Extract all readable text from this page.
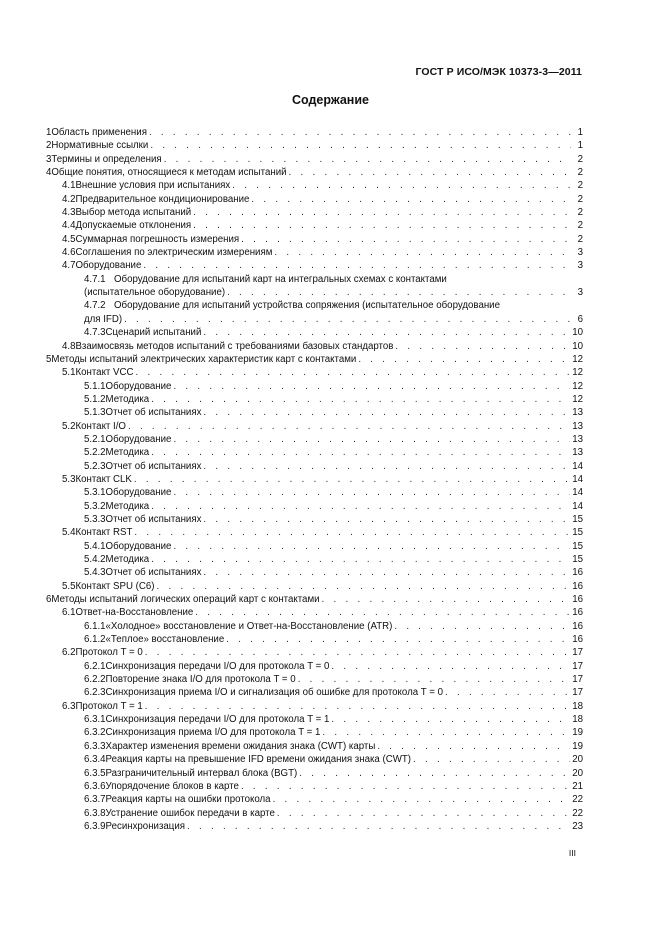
ГОСТ Р ИСО/МЭК 10373-3—2011
Содержание
1 Область применения . . .	1
2 Нормативные ссылки . . .	1
3 Термины и определения . . .	2
4 Общие понятия, относящиеся к методам испытаний . . .	2
4.1 Внешние условия при испытаниях . . .	2
4.2 Предварительное кондиционирование . . .	2
4.3 Выбор метода испытаний . . .	2
4.4 Допускаемые отклонения . . .	2
4.5 Суммарная погрешность измерения . . .	2
4.6 Соглашения по электрическим измерениям . . .	3
4.7 Оборудование . . .	3
4.7.1 Оборудование для испытаний карт на интегральных схемах с контактами
(испытательное оборудование) . . .	3
4.7.2 Оборудование для испытаний устройства сопряжения (испытательное оборудование
для IFD) . . .	6
4.7.3 Сценарий испытаний . . .	10
4.8 Взаимосвязь методов испытаний с требованиями базовых стандартов . . .	10
5 Методы испытаний электрических характеристик карт с контактами . . .	12
5.1 Контакт VCC . . .	12
5.1.1 Оборудование . . .	12
5.1.2 Методика . . .	12
5.1.3 Отчет об испытаниях . . .	13
5.2 Контакт I/O . . .	13
5.2.1 Оборудование . . .	13
5.2.2 Методика . . .	13
5.2.3 Отчет об испытаниях . . .	14
5.3 Контакт CLK . . .	14
5.3.1 Оборудование . . .	14
5.3.2 Методика . . .	14
5.3.3 Отчет об испытаниях . . .	15
5.4 Контакт RST . . .	15
5.4.1 Оборудование . . .	15
5.4.2 Методика . . .	15
5.4.3 Отчет об испытаниях . . .	16
5.5 Контакт SPU (C6) . . .	16
6 Методы испытаний логических операций карт с контактами . . .	16
6.1 Ответ-на-Восстановление . . .	16
6.1.1 «Холодное» восстановление и Ответ-на-Восстановление (ATR) . . .	16
6.1.2 «Теплое» восстановление . . .	16
6.2 Протокол T = 0 . . .	17
6.2.1 Синхронизация передачи I/O для протокола T = 0 . . .	17
6.2.2 Повторение знака I/O для протокола T = 0 . . .	17
6.2.3 Синхронизация приема I/O и сигнализация об ошибке для протокола T = 0 . . .	17
6.3 Протокол T = 1 . . .	18
6.3.1 Синхронизация передачи I/O для протокола T = 1 . . .	18
6.3.2 Синхронизация приема I/O для протокола T = 1 . . .	19
6.3.3 Характер изменения времени ожидания знака (CWT) карты . . .	19
6.3.4 Реакция карты на превышение IFD времени ожидания знака (CWT) . . .	20
6.3.5 Разграничительный интервал блока (BGT) . . .	20
6.3.6 Упорядочение блоков в карте . . .	21
6.3.7 Реакция карты на ошибки протокола . . .	22
6.3.8 Устранение ошибок передачи в карте . . .	22
6.3.9 Ресинхронизация . . .	23
III
